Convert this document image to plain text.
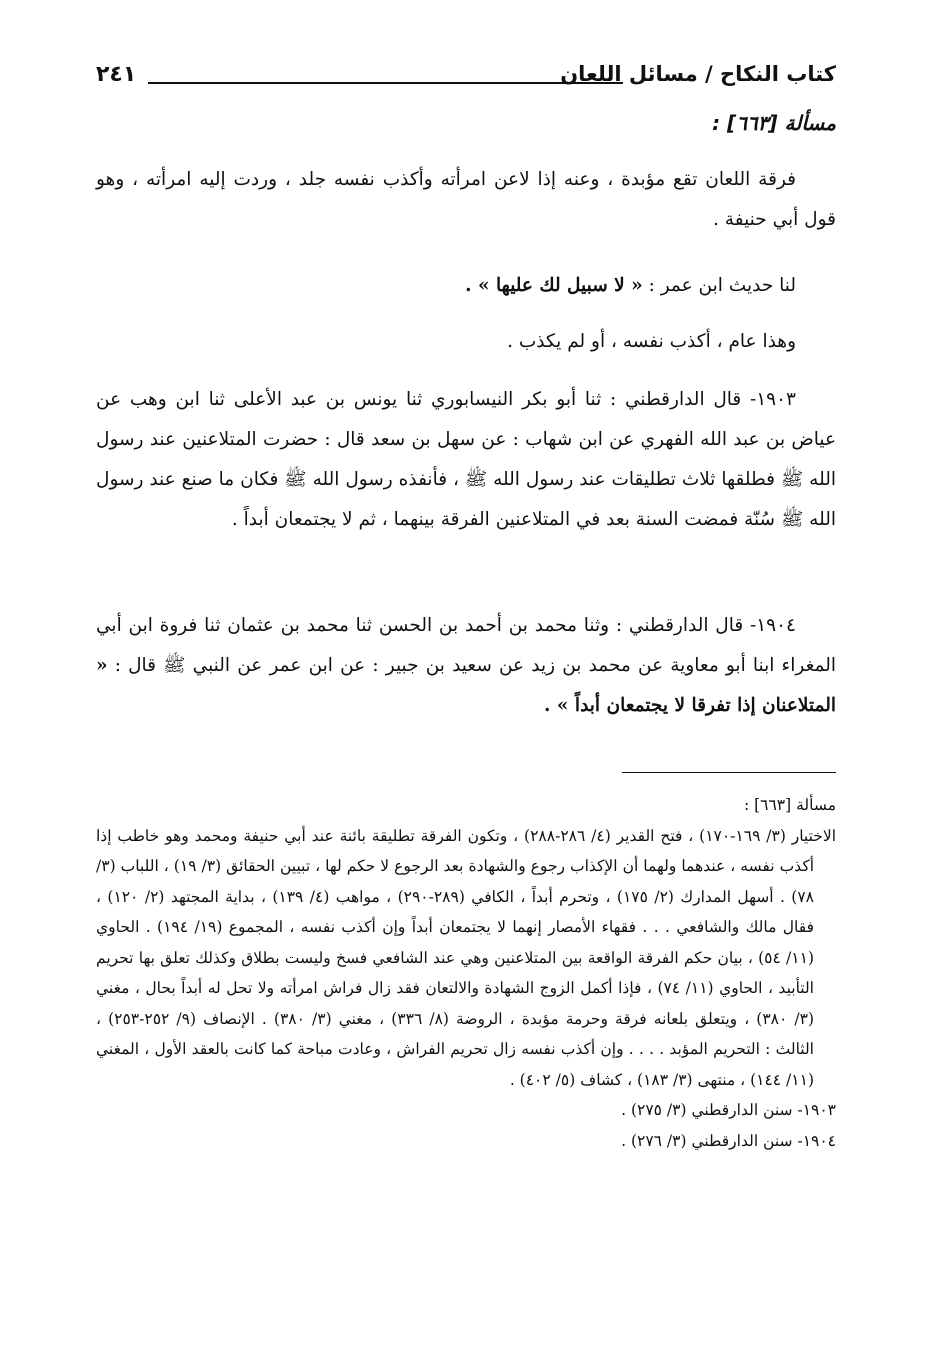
كتاب النكاح / مسائل اللعان
٢٤١
مسألة [٦٦٣] :

فرقة اللعان تقع مؤبدة ، وعنه إذا لاعن امرأته وأكذب نفسه جلد ، وردت إليه امرأته ، وهو قول أبي حنيفة .

لنا حديث ابن عمر : « لا سبيل لك عليها » .

وهذا عام ، أكذب نفسه ، أو لم يكذب .

١٩٠٣- قال الدارقطني : ثنا أبو بكر النيسابوري ثنا يونس بن عبد الأعلى ثنا ابن وهب عن عياض بن عبد الله الفهري عن ابن شهاب : عن سهل بن سعد قال : حضرت المتلاعنين عند رسول الله ﷺ فطلقها ثلاث تطليقات عند رسول الله ﷺ ، فأنفذه رسول الله ﷺ فكان ما صنع عند رسول الله ﷺ سُنّة فمضت السنة بعد في المتلاعنين الفرقة بينهما ، ثم لا يجتمعان أبداً .

١٩٠٤- قال الدارقطني : وثنا محمد بن أحمد بن الحسن ثنا محمد بن عثمان ثنا فروة ابن أبي المغراء ابنا أبو معاوية عن محمد بن زيد عن سعيد بن جبير : عن ابن عمر عن النبي ﷺ قال : « المتلاعنان إذا تفرقا لا يجتمعان أبداً » .

مسألة [٦٦٣] :

الاختيار (٣/ ١٦٩-١٧٠) ، فتح القدير (٤/ ٢٨٦-٢٨٨) ، وتكون الفرقة تطليقة بائنة عند أبي حنيفة ومحمد وهو خاطب إذا أكذب نفسه ، عندهما ولهما أن الإكذاب رجوع والشهادة بعد الرجوع لا حكم لها ، تبيين الحقائق (٣/ ١٩) ، اللباب (٣/ ٧٨) . أسهل المدارك (٢/ ١٧٥) ، وتحرم أبداً ، الكافي (٢٨٩-٢٩٠) ، مواهب (٤/ ١٣٩) ، بداية المجتهد (٢/ ١٢٠) ، فقال مالك والشافعي . . . فقهاء الأمصار إنهما لا يجتمعان أبداً وإن أكذب نفسه ، المجموع (١٩/ ١٩٤) . الحاوي (١١/ ٥٤) ، بيان حكم الفرقة الواقعة بين المتلاعنين وهي عند الشافعي فسخ وليست بطلاق وكذلك تعلق بها تحريم التأبيد ، الحاوي (١١/ ٧٤) ، فإذا أكمل الزوج الشهادة والالتعان فقد زال فراش امرأته ولا تحل له أبداً بحال ، مغني (٣/ ٣٨٠) ، ويتعلق بلعانه فرقة وحرمة مؤبدة ، الروضة (٨/ ٣٣٦) ، مغني (٣/ ٣٨٠) . الإنصاف (٩/ ٢٥٢-٢٥٣) ، الثالث : التحريم المؤبد . . . . وإن أكذب نفسه زال تحريم الفراش ، وعادت مباحة كما كانت بالعقد الأول ، المغني (١١/ ١٤٤) ، منتهى (٣/ ١٨٣) ، كشاف (٥/ ٤٠٢) .

١٩٠٣- سنن الدارقطني (٣/ ٢٧٥) .

١٩٠٤- سنن الدارقطني (٣/ ٢٧٦) .
